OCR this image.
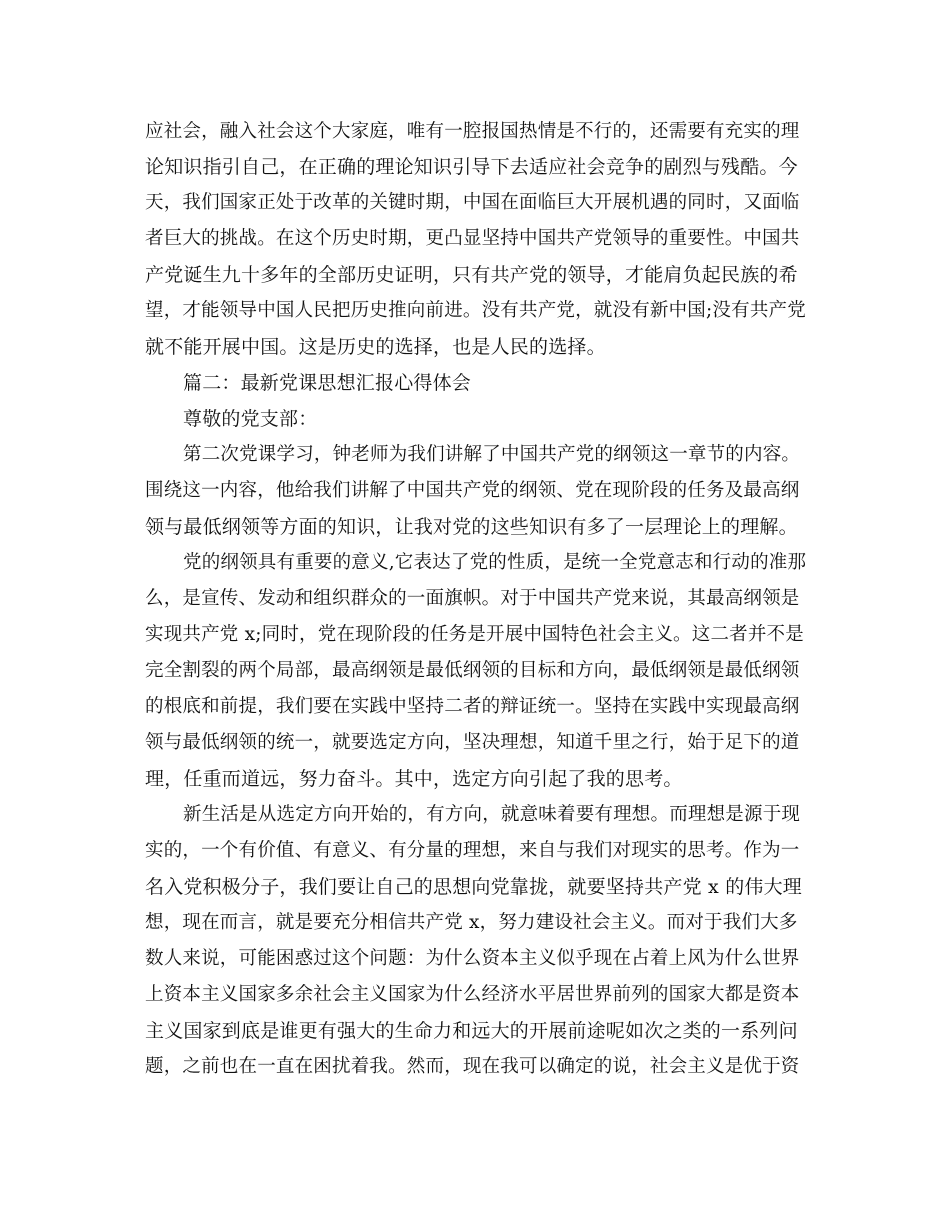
应社会，融入社会这个大家庭，唯有一腔报国热情是不行的，还需要有充实的理
论知识指引自己，在正确的理论知识引导下去适应社会竞争的剧烈与残酷。今
天，我们国家正处于改革的关键时期，中国在面临巨大开展机遇的同时，又面临
者巨大的挑战。在这个历史时期，更凸显坚持中国共产党领导的重要性。中国共
产党诞生九十多年的全部历史证明，只有共产党的领导，才能肩负起民族的希
望，才能领导中国人民把历史推向前进。没有共产党，就没有新中国;没有共产党
就不能开展中国。这是历史的选择，也是人民的选择。
篇二：最新党课思想汇报心得体会
尊敬的党支部：
第二次党课学习，钟老师为我们讲解了中国共产党的纲领这一章节的内容。
围绕这一内容，他给我们讲解了中国共产党的纲领、党在现阶段的任务及最高纲
领与最低纲领等方面的知识，让我对党的这些知识有多了一层理论上的理解。
党的纲领具有重要的意义,它表达了党的性质，是统一全党意志和行动的准那
么，是宣传、发动和组织群众的一面旗帜。对于中国共产党来说，其最高纲领是
实现共产党 x;同时，党在现阶段的任务是开展中国特色社会主义。这二者并不是
完全割裂的两个局部，最高纲领是最低纲领的目标和方向，最低纲领是最低纲领
的根底和前提，我们要在实践中坚持二者的辩证统一。坚持在实践中实现最高纲
领与最低纲领的统一，就要选定方向，坚决理想，知道千里之行，始于足下的道
理，任重而道远，努力奋斗。其中，选定方向引起了我的思考。
新生活是从选定方向开始的，有方向，就意味着要有理想。而理想是源于现
实的，一个有价值、有意义、有分量的理想，来自与我们对现实的思考。作为一
名入党积极分子，我们要让自己的思想向党靠拢，就要坚持共产党 x 的伟大理
想，现在而言，就是要充分相信共产党 x，努力建设社会主义。而对于我们大多
数人来说，可能困惑过这个问题：为什么资本主义似乎现在占着上风为什么世界
上资本主义国家多余社会主义国家为什么经济水平居世界前列的国家大都是资本
主义国家到底是谁更有强大的生命力和远大的开展前途呢如次之类的一系列问
题，之前也在一直在困扰着我。然而，现在我可以确定的说，社会主义是优于资
